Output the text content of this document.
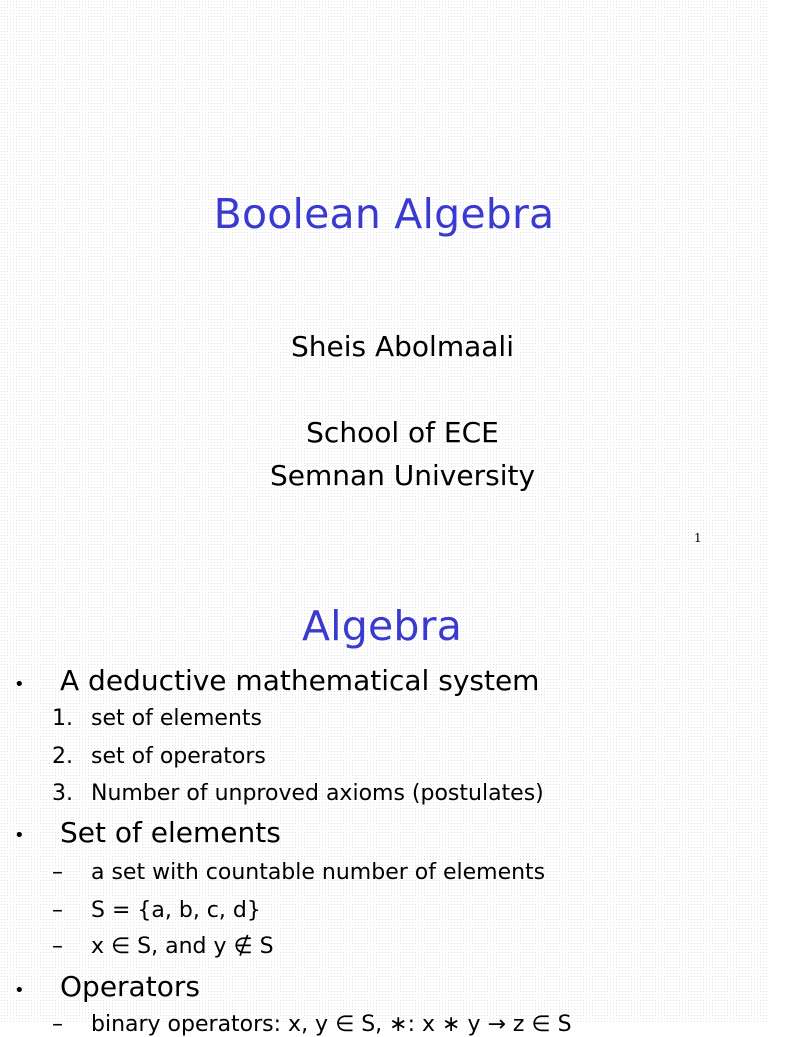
Boolean Algebra
Sheis Abolmaali
School of ECE
Semnan University
1
Algebra
• A deductive mathematical system
1. set of elements
2. set of operators
3. Number of unproved axioms (postulates)
• Set of elements
– a set with countable number of elements
– S = {a, b, c, d}
– x ∈ S, and y ∉ S
• Operators
– binary operators: x, y ∈ S, ∗: x ∗ y → z ∈ S
